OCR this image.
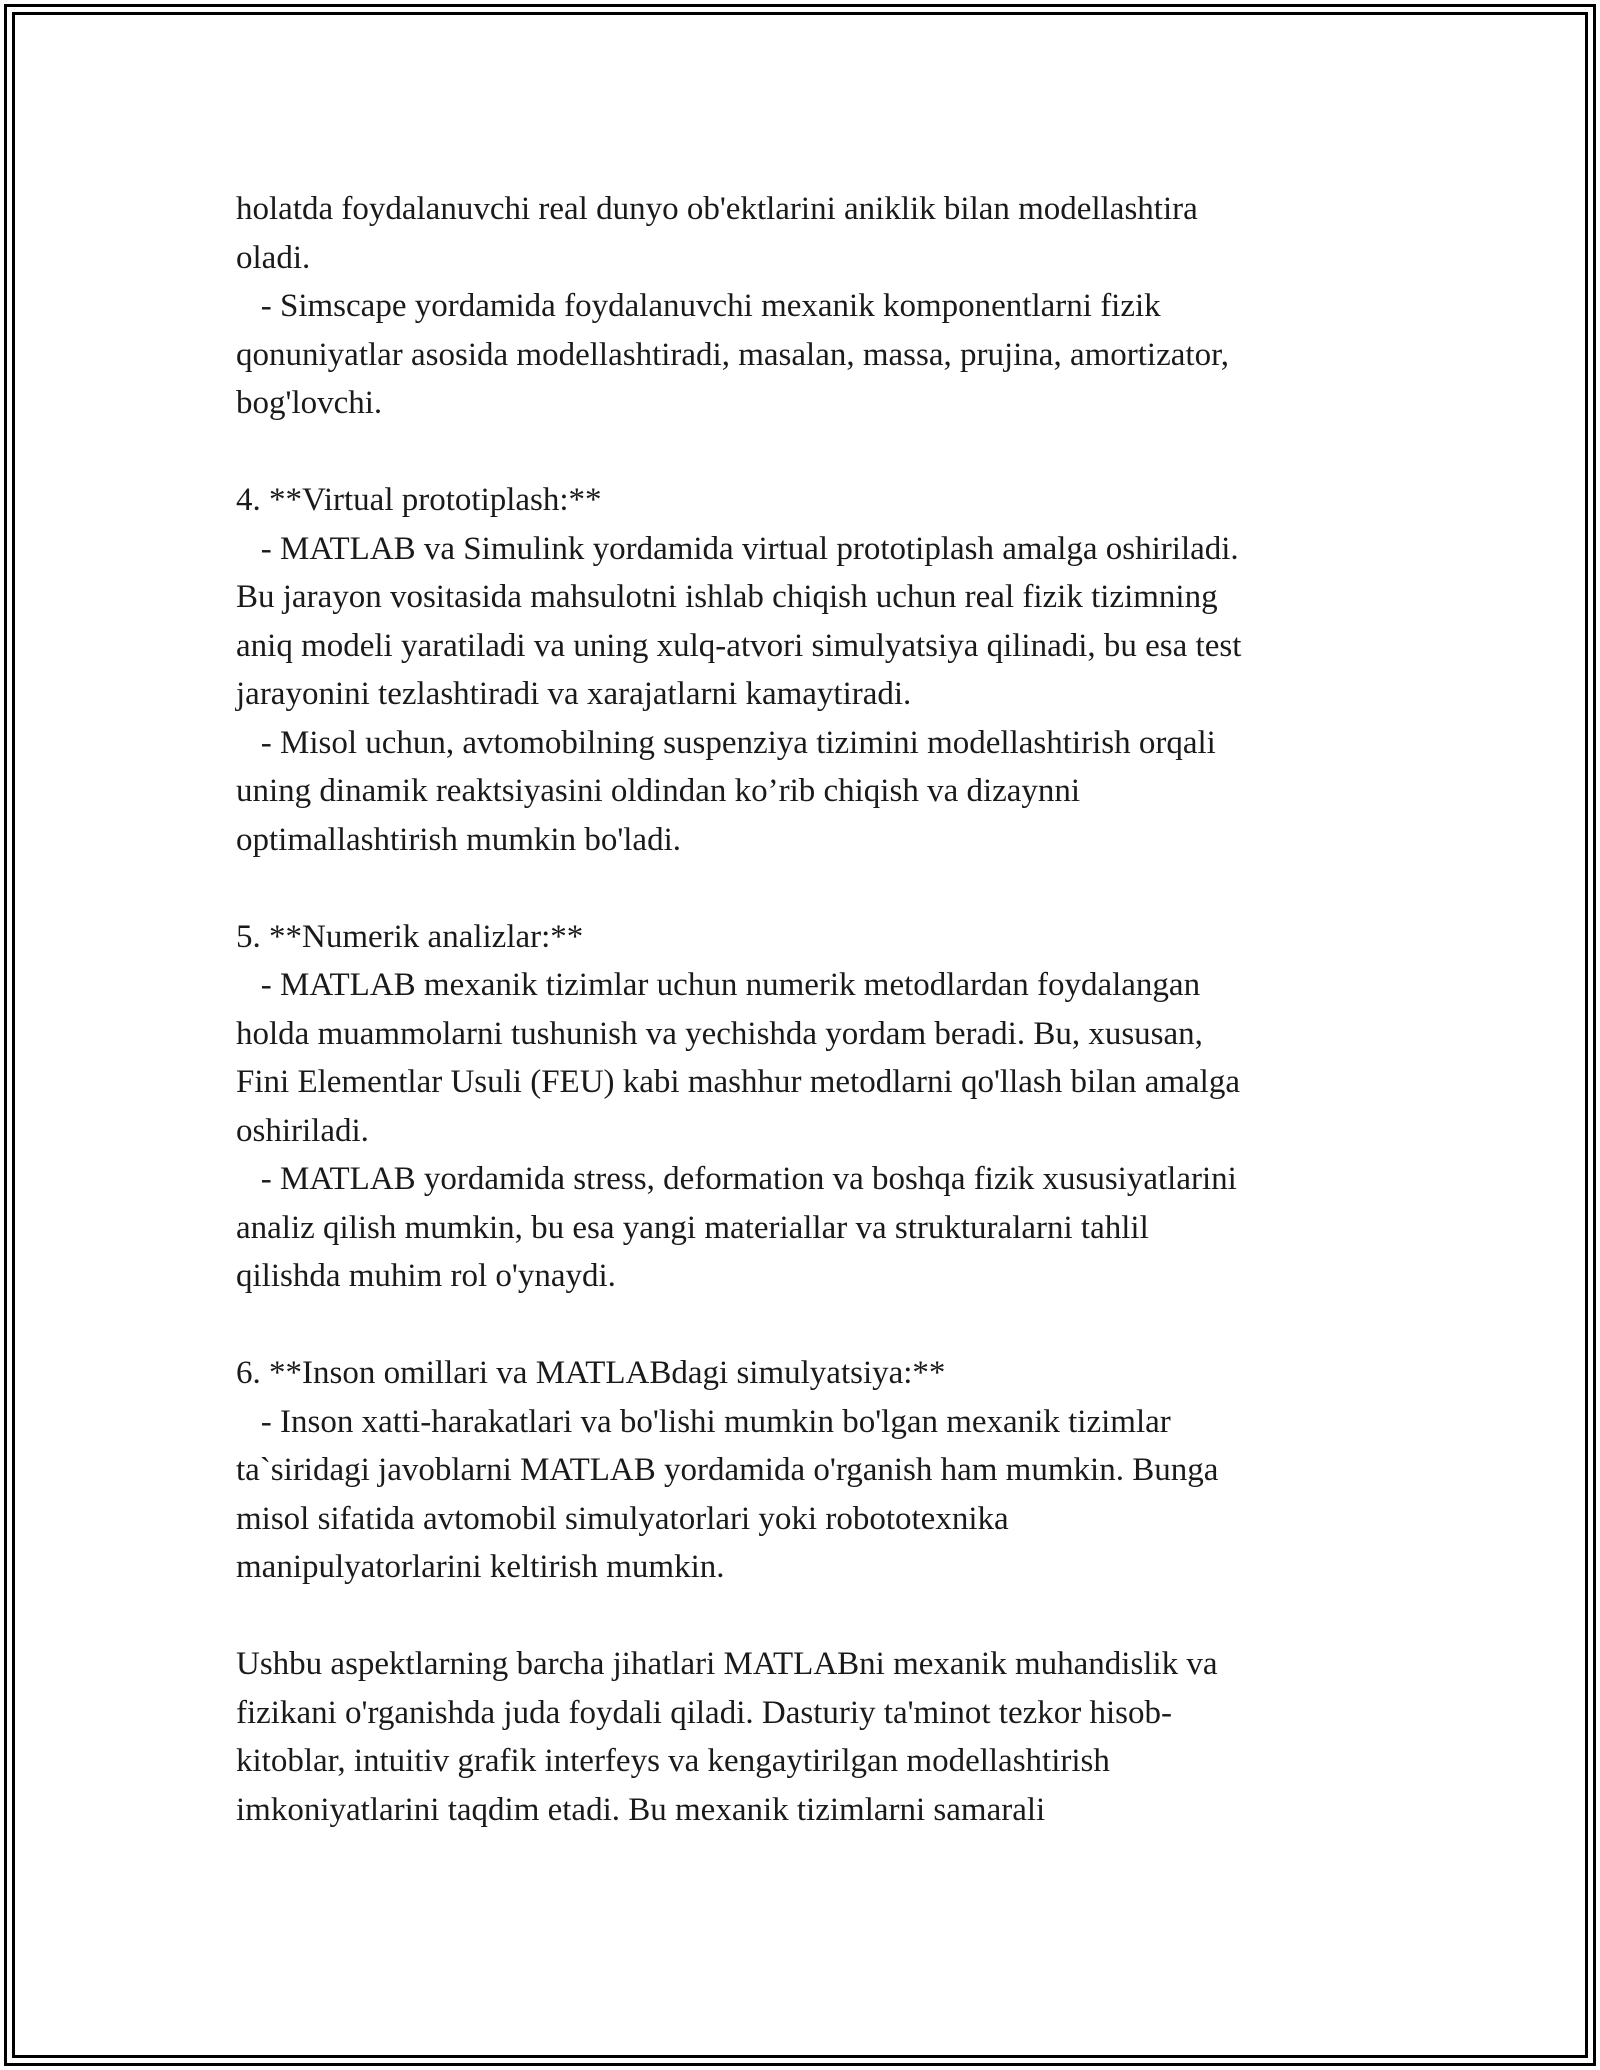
holatda foydalanuvchi real dunyo ob'ektlarini aniklik bilan modellashtira
oladi.
- Simscape yordamida foydalanuvchi mexanik komponentlarni fizik
qonuniyatlar asosida modellashtiradi, masalan, massa, prujina, amortizator,
bog'lovchi.
4. **Virtual prototiplash:**
- MATLAB va Simulink yordamida virtual prototiplash amalga oshiriladi.
Bu jarayon vositasida mahsulotni ishlab chiqish uchun real fizik tizimning
aniq modeli yaratiladi va uning xulq-atvori simulyatsiya qilinadi, bu esa test
jarayonini tezlashtiradi va xarajatlarni kamaytiradi.
- Misol uchun, avtomobilning suspenziya tizimini modellashtirish orqali
uning dinamik reaktsiyasini oldindan ko’rib chiqish va dizaynni
optimallashtirish mumkin bo'ladi.
5. **Numerik analizlar:**
- MATLAB mexanik tizimlar uchun numerik metodlardan foydalangan
holda muammolarni tushunish va yechishda yordam beradi. Bu, xususan,
Fini Elementlar Usuli (FEU) kabi mashhur metodlarni qo'llash bilan amalga
oshiriladi.
- MATLAB yordamida stress, deformation va boshqa fizik xususiyatlarini
analiz qilish mumkin, bu esa yangi materiallar va strukturalarni tahlil
qilishda muhim rol o'ynaydi.
6. **Inson omillari va MATLABdagi simulyatsiya:**
- Inson xatti-harakatlari va bo'lishi mumkin bo'lgan mexanik tizimlar
ta`siridagi javoblarni MATLAB yordamida o'rganish ham mumkin. Bunga
misol sifatida avtomobil simulyatorlari yoki robototexnika
manipulyatorlarini keltirish mumkin.
Ushbu aspektlarning barcha jihatlari MATLABni mexanik muhandislik va
fizikani o'rganishda juda foydali qiladi. Dasturiy ta'minot tezkor hisob-
kitoblar, intuitiv grafik interfeys va kengaytirilgan modellashtirish
imkoniyatlarini taqdim etadi. Bu mexanik tizimlarni samarali
